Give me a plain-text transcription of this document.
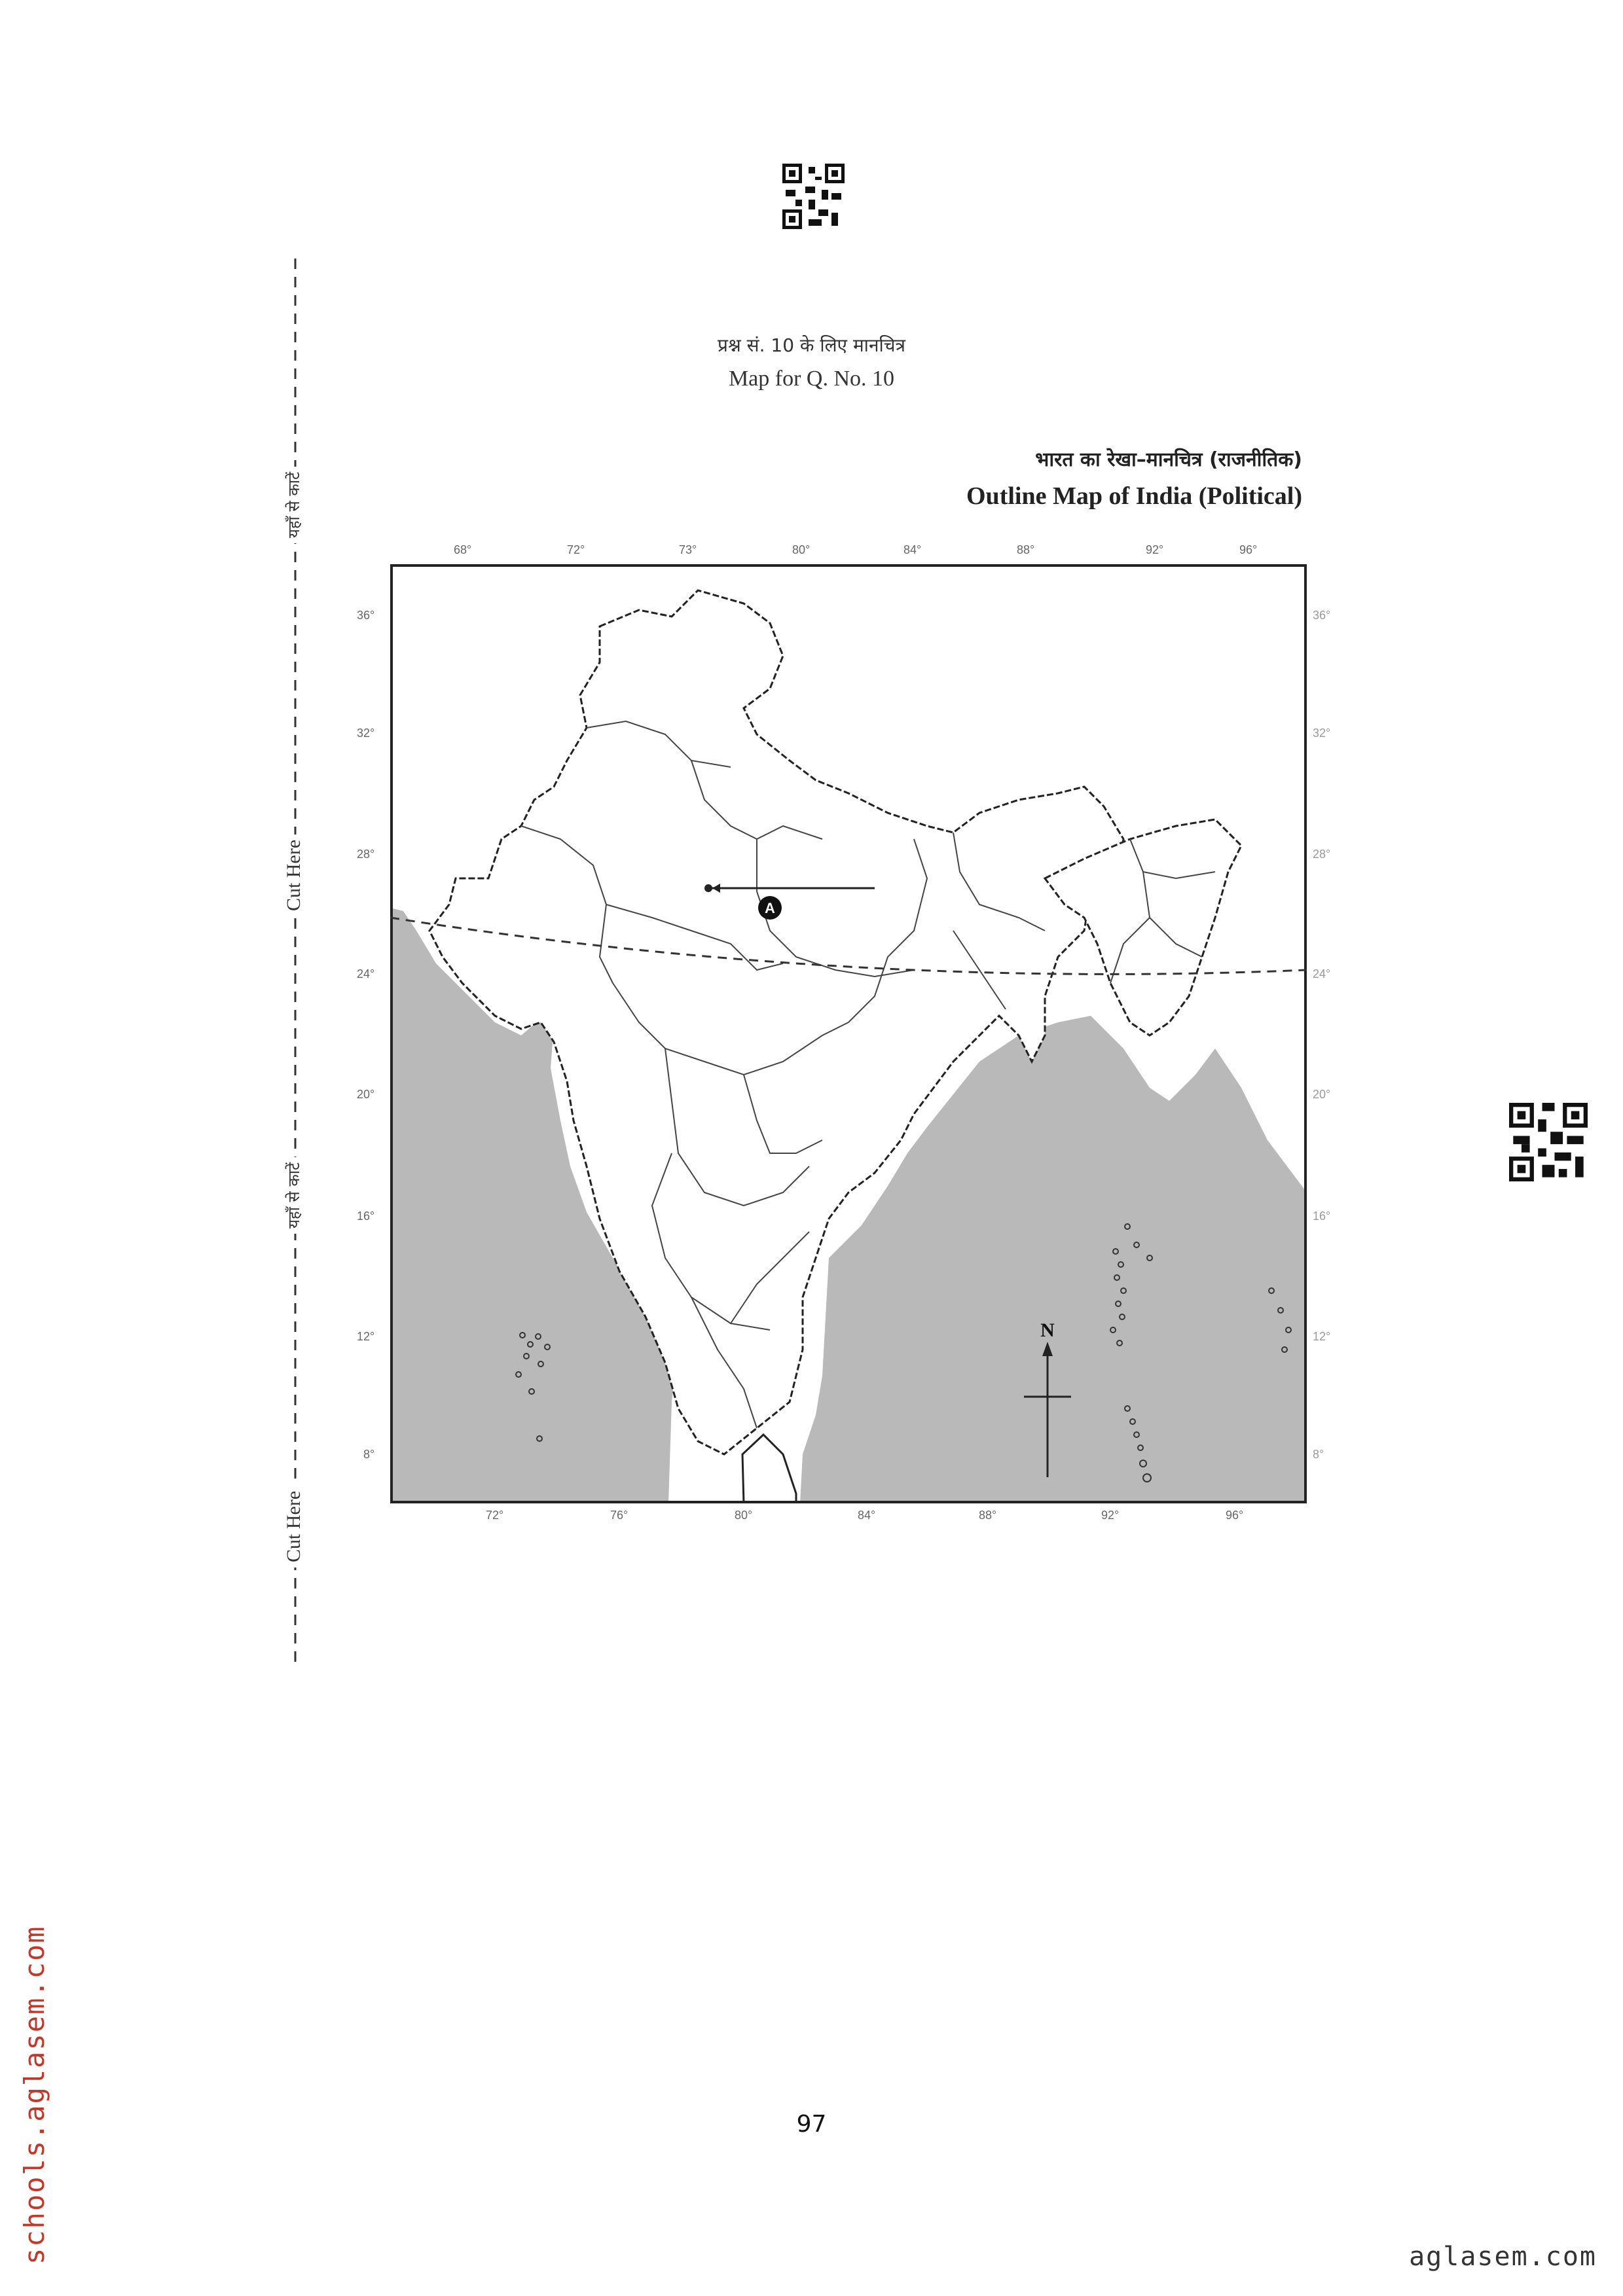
यहाँ से काटें
Cut Here
यहाँ से काटें
Cut Here
प्रश्न सं. 10 के लिए मानचित्र
Map for Q. No. 10
भारत का रेखा–मानचित्र (राजनीतिक)
Outline Map of India (Political)
68°	72°	73°	80°	84°	88°	92°	96°
36°
32°
28°
24°
20°
16°
12°
8°
36°
32°
28°
24°
20°
16°
12°
8°
72°	76°	80°	84°	88°	92°	96°
A
N
97
schools.aglasem.com	aglasem.com
